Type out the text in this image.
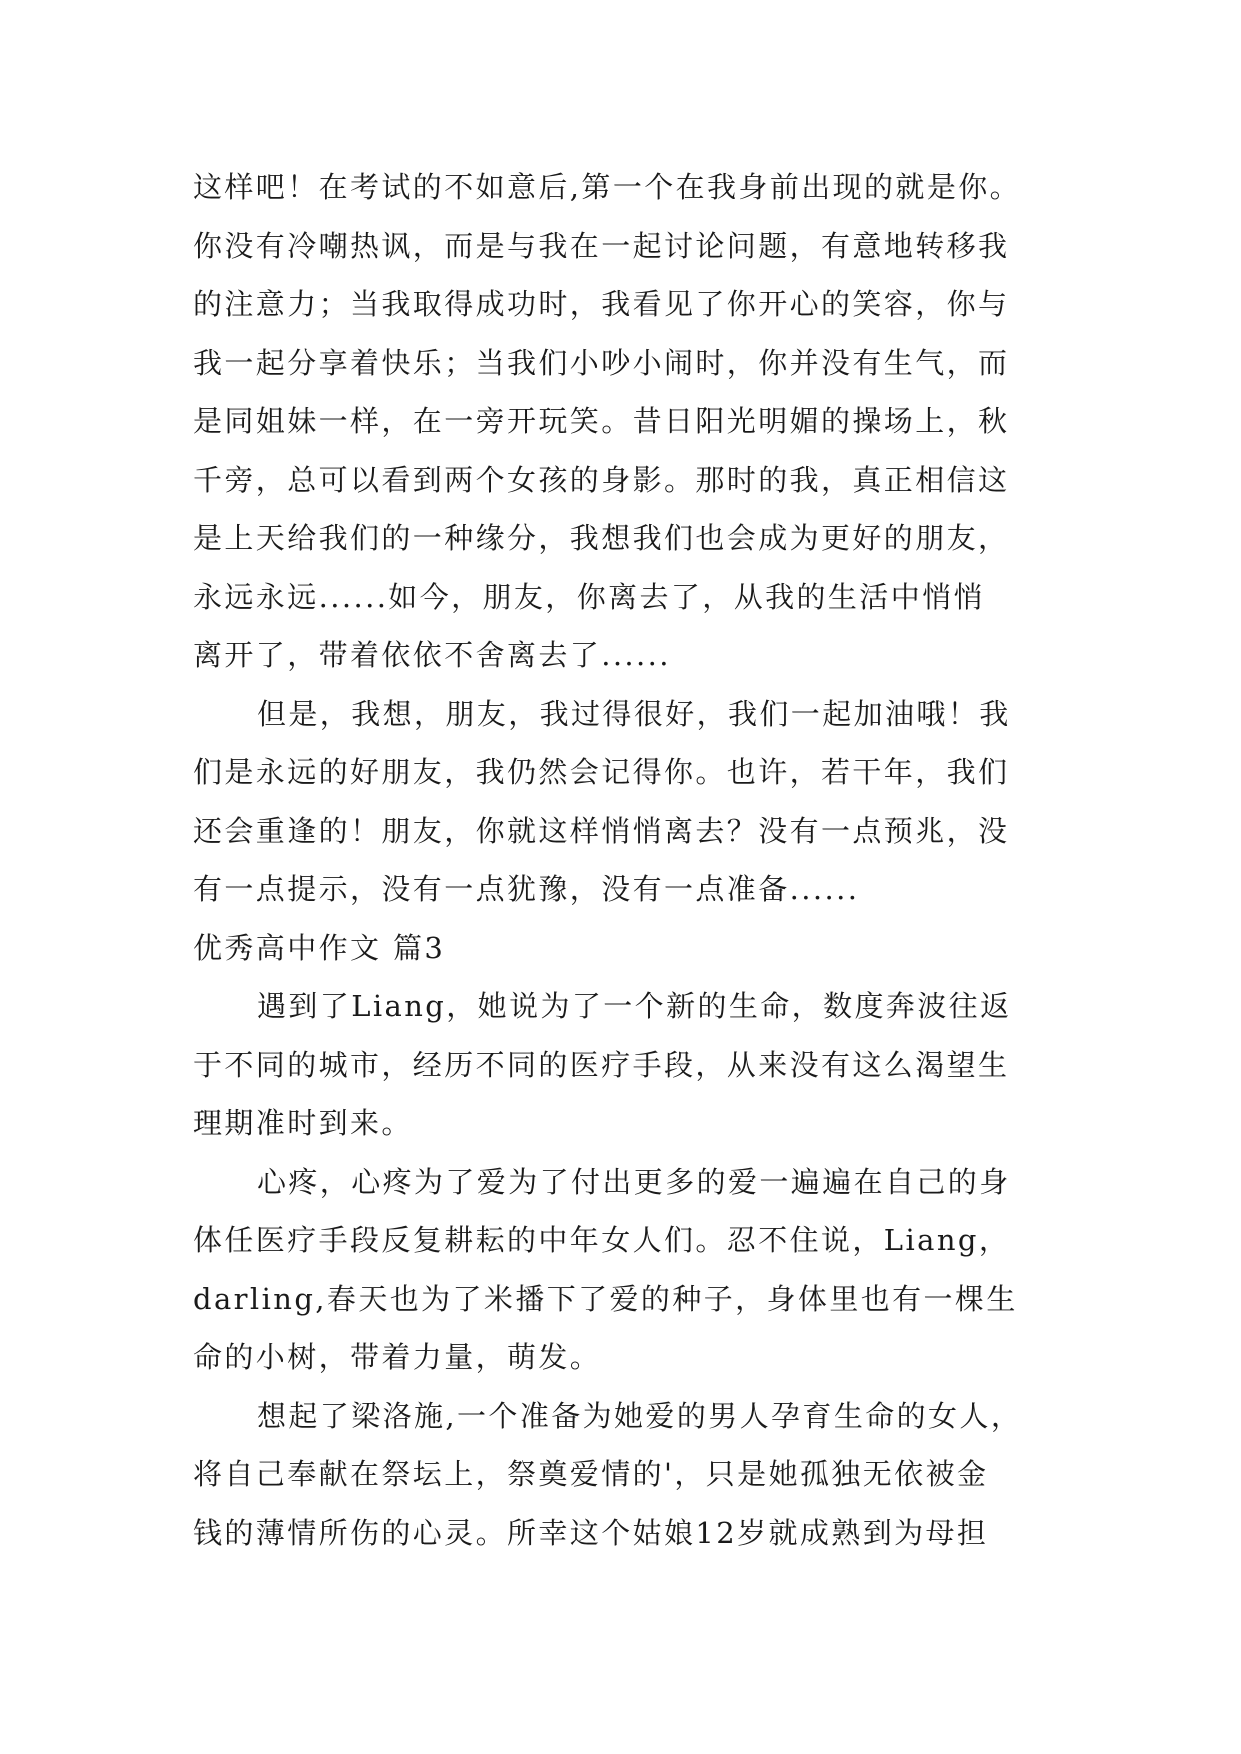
这样吧！在考试的不如意后,第一个在我身前出现的就是你。
你没有冷嘲热讽，而是与我在一起讨论问题，有意地转移我
的注意力；当我取得成功时，我看见了你开心的笑容，你与
我一起分享着快乐；当我们小吵小闹时，你并没有生气，而
是同姐妹一样，在一旁开玩笑。昔日阳光明媚的操场上，秋
千旁，总可以看到两个女孩的身影。那时的我，真正相信这
是上天给我们的一种缘分，我想我们也会成为更好的朋友，
永远永远......如今，朋友，你离去了，从我的生活中悄悄
离开了，带着依依不舍离去了......
但是，我想，朋友，我过得很好，我们一起加油哦！我
们是永远的好朋友，我仍然会记得你。也许，若干年，我们
还会重逢的！朋友，你就这样悄悄离去？没有一点预兆，没
有一点提示，没有一点犹豫，没有一点准备......
优秀高中作文 篇3
遇到了Liang，她说为了一个新的生命，数度奔波往返
于不同的城市，经历不同的医疗手段，从来没有这么渴望生
理期准时到来。
心疼，心疼为了爱为了付出更多的爱一遍遍在自己的身
体任医疗手段反复耕耘的中年女人们。忍不住说，Liang，
darling,春天也为了米播下了爱的种子，身体里也有一棵生
命的小树，带着力量，萌发。
想起了梁洛施,一个准备为她爱的男人孕育生命的女人，
将自己奉献在祭坛上，祭奠爱情的'，只是她孤独无依被金
钱的薄情所伤的心灵。所幸这个姑娘12岁就成熟到为母担
